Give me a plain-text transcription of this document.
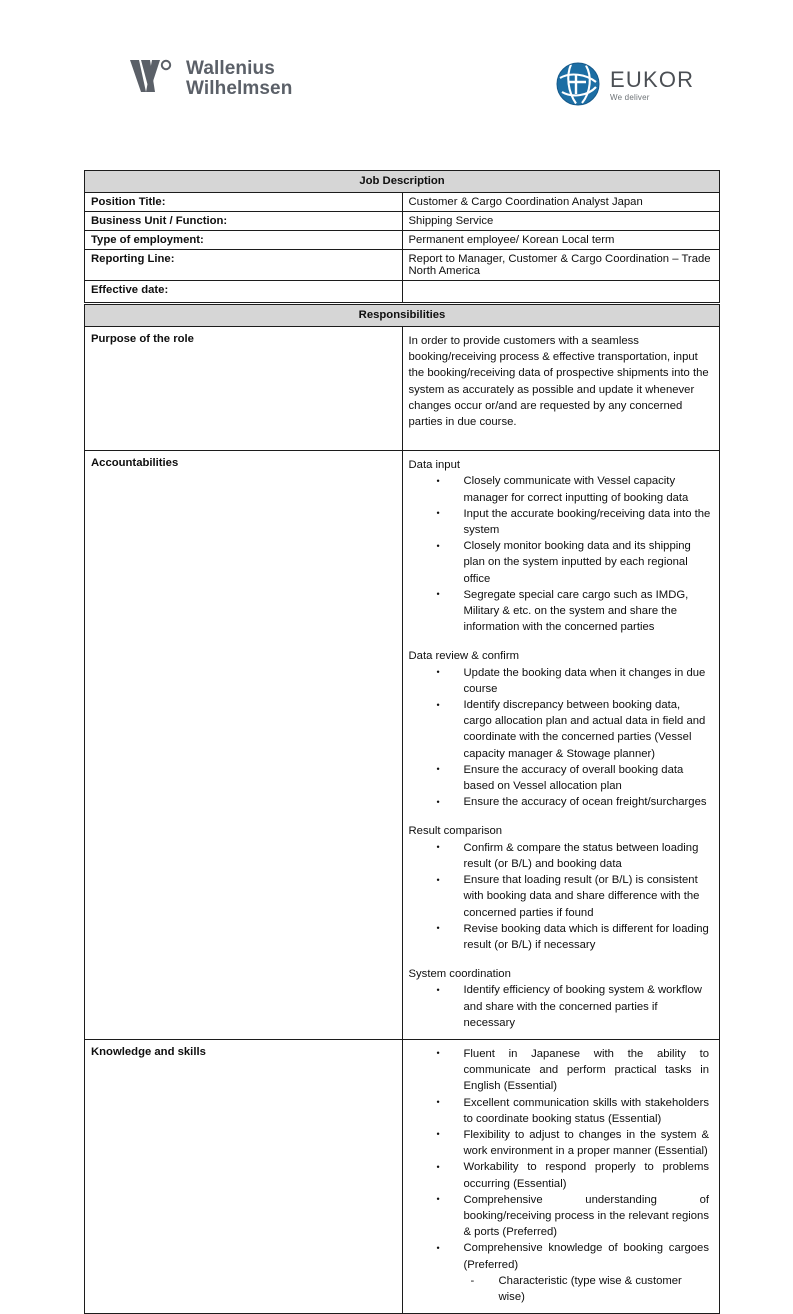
Wallenius
Wilhelmsen	EUKOR
We deliver
Job Description	
Position Title:	Customer & Cargo Coordination Analyst Japan
Business Unit / Function:	Shipping Service
Type of employment:	Permanent employee/ Korean Local term
Reporting Line:	Report to Manager, Customer & Cargo Coordination – Trade North America
Effective date:	
Responsibilities	
Purpose of the role	In order to provide customers with a seamless booking/receiving process & effective transportation, input the booking/receiving data of prospective shipments into the system as accurately as possible and update it whenever changes occur or/and are requested by any concerned parties in due course.

Accountabilities	Data input

• Closely communicate with Vessel capacity manager for correct inputting of booking data
• Input the accurate booking/receiving data into the system
• Closely monitor booking data and its shipping plan on the system inputted by each regional office
• Segregate special care cargo such as IMDG, Military & etc. on the system and share the information with the concerned parties

Data review & confirm

• Update the booking data when it changes in due course
• Identify discrepancy between booking data, cargo allocation plan and actual data in field and coordinate with the concerned parties (Vessel capacity manager & Stowage planner)
• Ensure the accuracy of overall booking data based on Vessel allocation plan
• Ensure the accuracy of ocean freight/surcharges

Result comparison

• Confirm & compare the status between loading result (or B/L) and booking data
• Ensure that loading result (or B/L) is consistent with booking data and share difference with the concerned parties if found
• Revise booking data which is different for loading result (or B/L) if necessary

System coordination

• Identify efficiency of booking system & workflow and share with the concerned parties if necessary

Knowledge and skills	
•Fluent in Japanese with the ability to communicate and perform practical tasks in English (Essential)
• Excellent communication skills with stakeholders to coordinate booking status (Essential)
• Flexibility to adjust to changes in the system & work environment in a proper manner (Essential)
• Workability to respond properly to problems occurring (Essential)
• Comprehensive understanding of booking/receiving process in the relevant regions & ports (Preferred)
• Comprehensive knowledge of booking cargoes (Preferred)
- Characteristic (type wise & customer wise)
